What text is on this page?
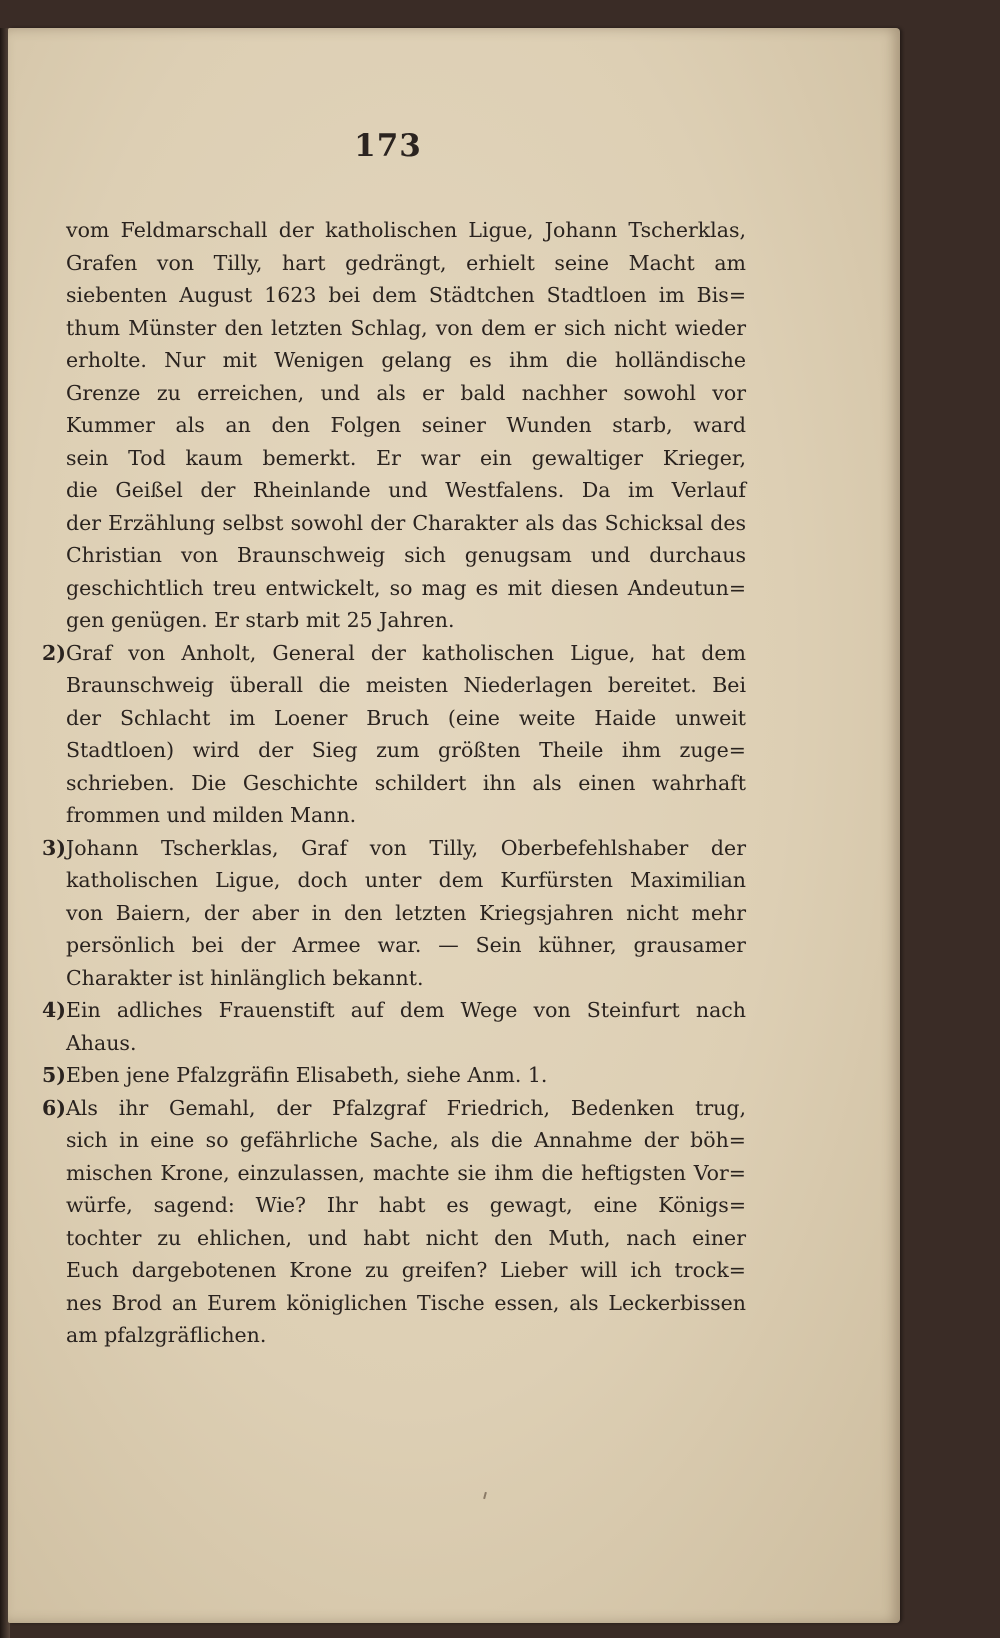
173
vom Feldmarschall der katholischen Ligue, Johann Tscherklas,
Grafen von Tilly, hart gedrängt, erhielt seine Macht am
siebenten August 1623 bei dem Städtchen Stadtloen im Bis=
thum Münster den letzten Schlag, von dem er sich nicht wieder
erholte. Nur mit Wenigen gelang es ihm die holländische
Grenze zu erreichen, und als er bald nachher sowohl vor
Kummer als an den Folgen seiner Wunden starb, ward
sein Tod kaum bemerkt. Er war ein gewaltiger Krieger,
die Geißel der Rheinlande und Westfalens. Da im Verlauf
der Erzählung selbst sowohl der Charakter als das Schicksal des
Christian von Braunschweig sich genugsam und durchaus
geschichtlich treu entwickelt, so mag es mit diesen Andeutun=
gen genügen. Er starb mit 25 Jahren.
2)Graf von Anholt, General der katholischen Ligue, hat dem
Braunschweig überall die meisten Niederlagen bereitet. Bei
der Schlacht im Loener Bruch (eine weite Haide unweit
Stadtloen) wird der Sieg zum größten Theile ihm zuge=
schrieben. Die Geschichte schildert ihn als einen wahrhaft
frommen und milden Mann.
3)Johann Tscherklas, Graf von Tilly, Oberbefehlshaber der
katholischen Ligue, doch unter dem Kurfürsten Maximilian
von Baiern, der aber in den letzten Kriegsjahren nicht mehr
persönlich bei der Armee war. — Sein kühner, grausamer
Charakter ist hinlänglich bekannt.
4)Ein adliches Frauenstift auf dem Wege von Steinfurt nach
Ahaus.
5)Eben jene Pfalzgräfin Elisabeth, siehe Anm. 1.
6)Als ihr Gemahl, der Pfalzgraf Friedrich, Bedenken trug,
sich in eine so gefährliche Sache, als die Annahme der böh=
mischen Krone, einzulassen, machte sie ihm die heftigsten Vor=
würfe, sagend: Wie? Ihr habt es gewagt, eine Königs=
tochter zu ehlichen, und habt nicht den Muth, nach einer
Euch dargebotenen Krone zu greifen? Lieber will ich trock=
nes Brod an Eurem königlichen Tische essen, als Leckerbissen
am pfalzgräflichen.
